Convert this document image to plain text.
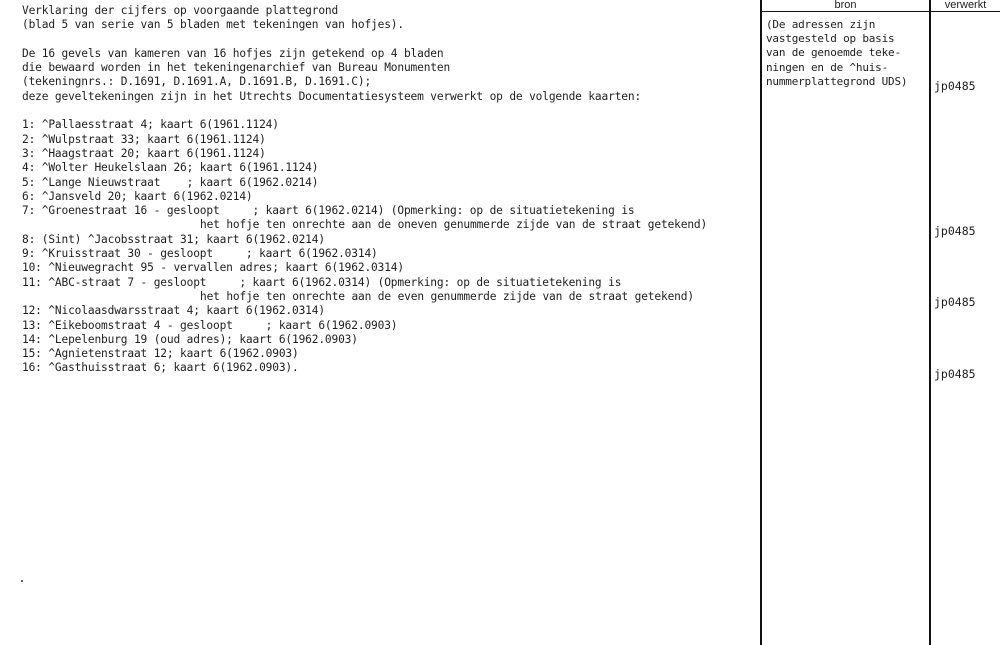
bron	verwerkt
Verklaring der cijfers op voorgaande plattegrond
(blad 5 van serie van 5 bladen met tekeningen van hofjes).
De 16 gevels van kameren van 16 hofjes zijn getekend op 4 bladen
die bewaard worden in het tekeningenarchief van Bureau Monumenten
(tekeningnrs.: D.1691, D.1691.A, D.1691.B, D.1691.C);
deze geveltekeningen zijn in het Utrechts Documentatiesysteem verwerkt op de volgende kaarten:
1: ^Pallaesstraat 4; kaart 6(1961.1124)
2: ^Wulpstraat 33; kaart 6(1961.1124)
3: ^Haagstraat 20; kaart 6(1961.1124)
4: ^Wolter Heukelslaan 26; kaart 6(1961.1124)
5: ^Lange Nieuwstraat    ; kaart 6(1962.0214)
6: ^Jansveld 20; kaart 6(1962.0214)
7: ^Groenestraat 16 - gesloopt     ; kaart 6(1962.0214) (Opmerking: op de situatietekening is
het hofje ten onrechte aan de oneven genummerde zijde van de straat getekend)
8: (Sint) ^Jacobsstraat 31; kaart 6(1962.0214)
9: ^Kruisstraat 30 - gesloopt     ; kaart 6(1962.0314)
10: ^Nieuwegracht 95 - vervallen adres; kaart 6(1962.0314)
11: ^ABC-straat 7 - gesloopt     ; kaart 6(1962.0314) (Opmerking: op de situatietekening is
het hofje ten onrechte aan de even genummerde zijde van de straat getekend)
12: ^Nicolaasdwarsstraat 4; kaart 6(1962.0314)
13: ^Eikeboomstraat 4 - gesloopt     ; kaart 6(1962.0903)
14: ^Lepelenburg 19 (oud adres); kaart 6(1962.0903)
15: ^Agnietenstraat 12; kaart 6(1962.0903)
16: ^Gasthuisstraat 6; kaart 6(1962.0903).
(De adressen zijn
vastgesteld op basis
van de genoemde teke-
ningen en de ^huis-
nummerplattegrond UDS)	jp0485
jp0485
jp0485
jp0485
